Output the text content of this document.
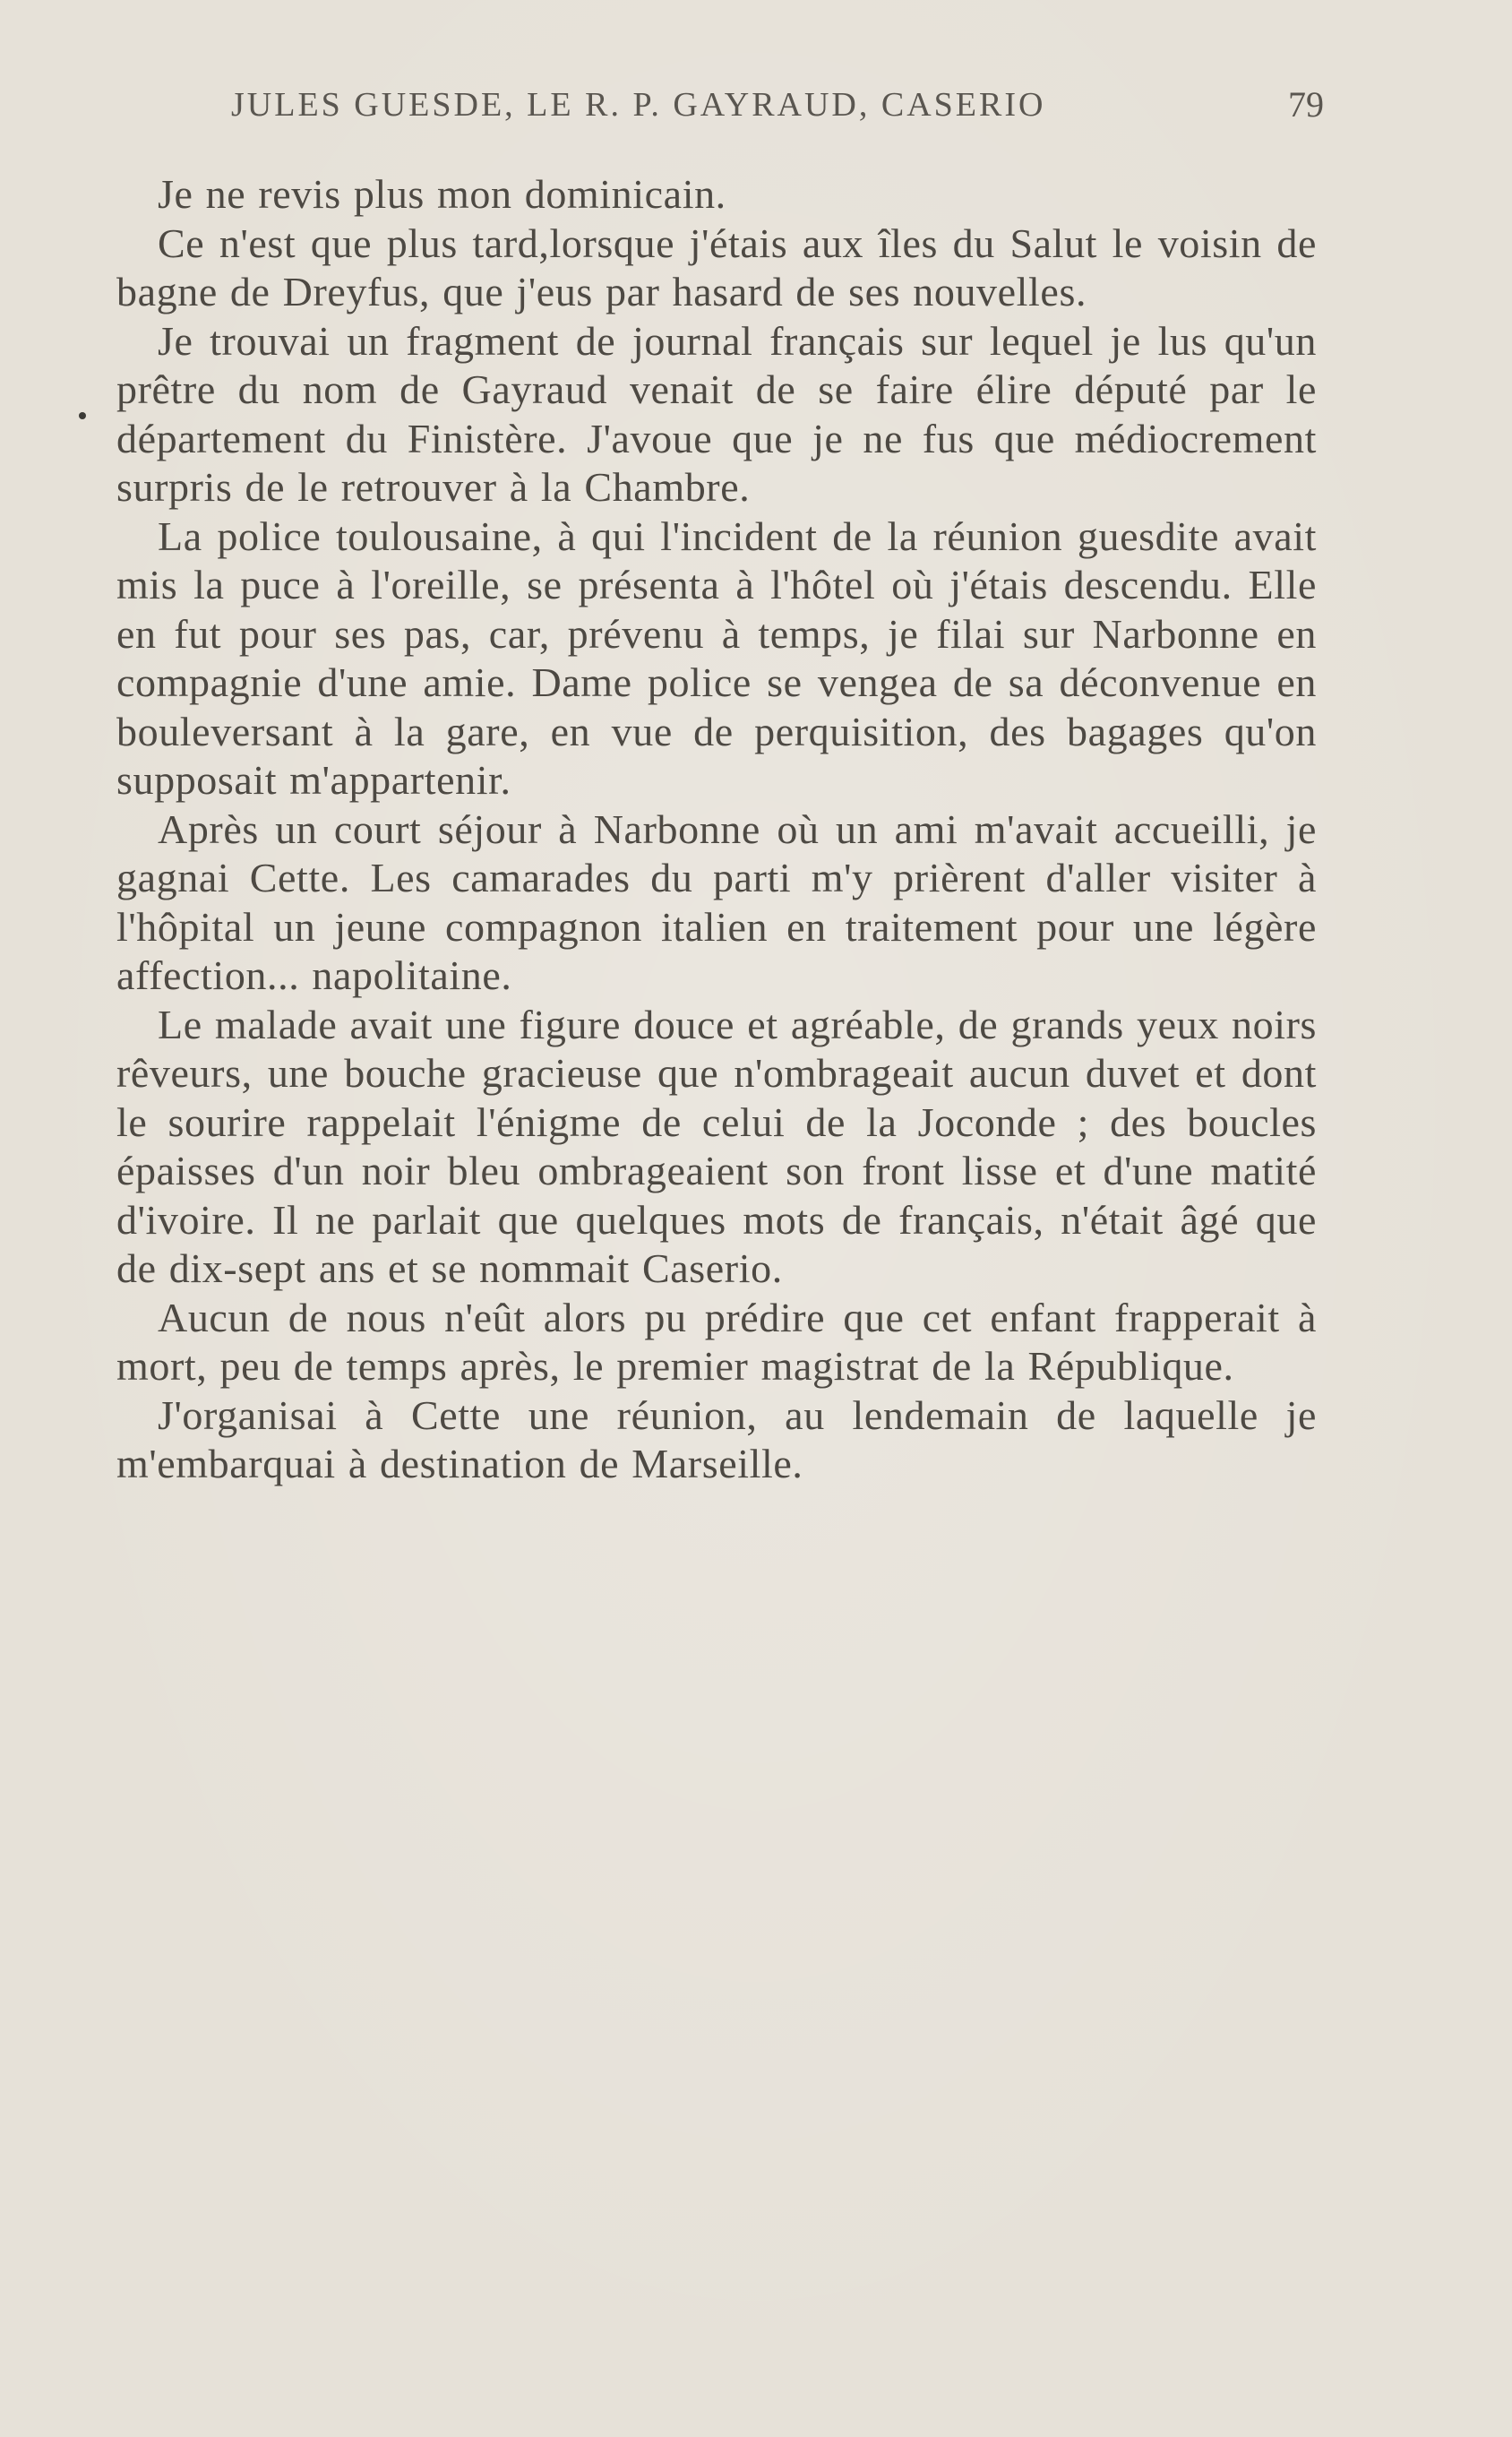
JULES GUESDE, LE R. P. GAYRAUD, CASERIO	79

Je ne revis plus mon dominicain.

Ce n'est que plus tard,lorsque j'étais aux îles du Salut le voisin de bagne de Dreyfus, que j'eus par hasard de ses nouvelles.

Je trouvai un fragment de journal français sur lequel je lus qu'un prêtre du nom de Gayraud venait de se faire élire député par le département du Finistère. J'avoue que je ne fus que médiocrement surpris de le retrouver à la Chambre.

La police toulousaine, à qui l'incident de la réunion guesdite avait mis la puce à l'oreille, se présenta à l'hôtel où j'étais descendu. Elle en fut pour ses pas, car, prévenu à temps, je filai sur Narbonne en compagnie d'une amie. Dame police se vengea de sa déconvenue en bouleversant à la gare, en vue de perquisition, des bagages qu'on supposait m'appartenir.

Après un court séjour à Narbonne où un ami m'avait accueilli, je gagnai Cette. Les camarades du parti m'y prièrent d'aller visiter à l'hôpital un jeune compagnon italien en traitement pour une légère affection... napolitaine.

Le malade avait une figure douce et agréable, de grands yeux noirs rêveurs, une bouche gracieuse que n'ombrageait aucun duvet et dont le sourire rappelait l'énigme de celui de la Joconde ; des boucles épaisses d'un noir bleu ombrageaient son front lisse et d'une matité d'ivoire. Il ne parlait que quelques mots de français, n'était âgé que de dix-sept ans et se nommait Caserio.

Aucun de nous n'eût alors pu prédire que cet enfant frapperait à mort, peu de temps après, le premier magistrat de la République.

J'organisai à Cette une réunion, au lendemain de laquelle je m'embarquai à destination de Marseille.
